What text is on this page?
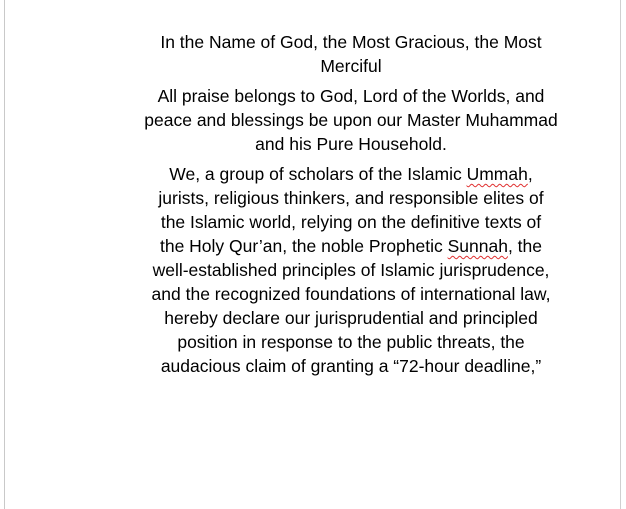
In the Name of God, the Most Gracious, the Most
Merciful

All praise belongs to God, Lord of the Worlds, and
peace and blessings be upon our Master Muhammad
and his Pure Household.

We, a group of scholars of the Islamic Ummah,
jurists, religious thinkers, and responsible elites of
the Islamic world, relying on the definitive texts of
the Holy Qur’an, the noble Prophetic Sunnah, the
well-established principles of Islamic jurisprudence,
and the recognized foundations of international law,
hereby declare our jurisprudential and principled
position in response to the public threats, the
audacious claim of granting a “72-hour deadline,”
